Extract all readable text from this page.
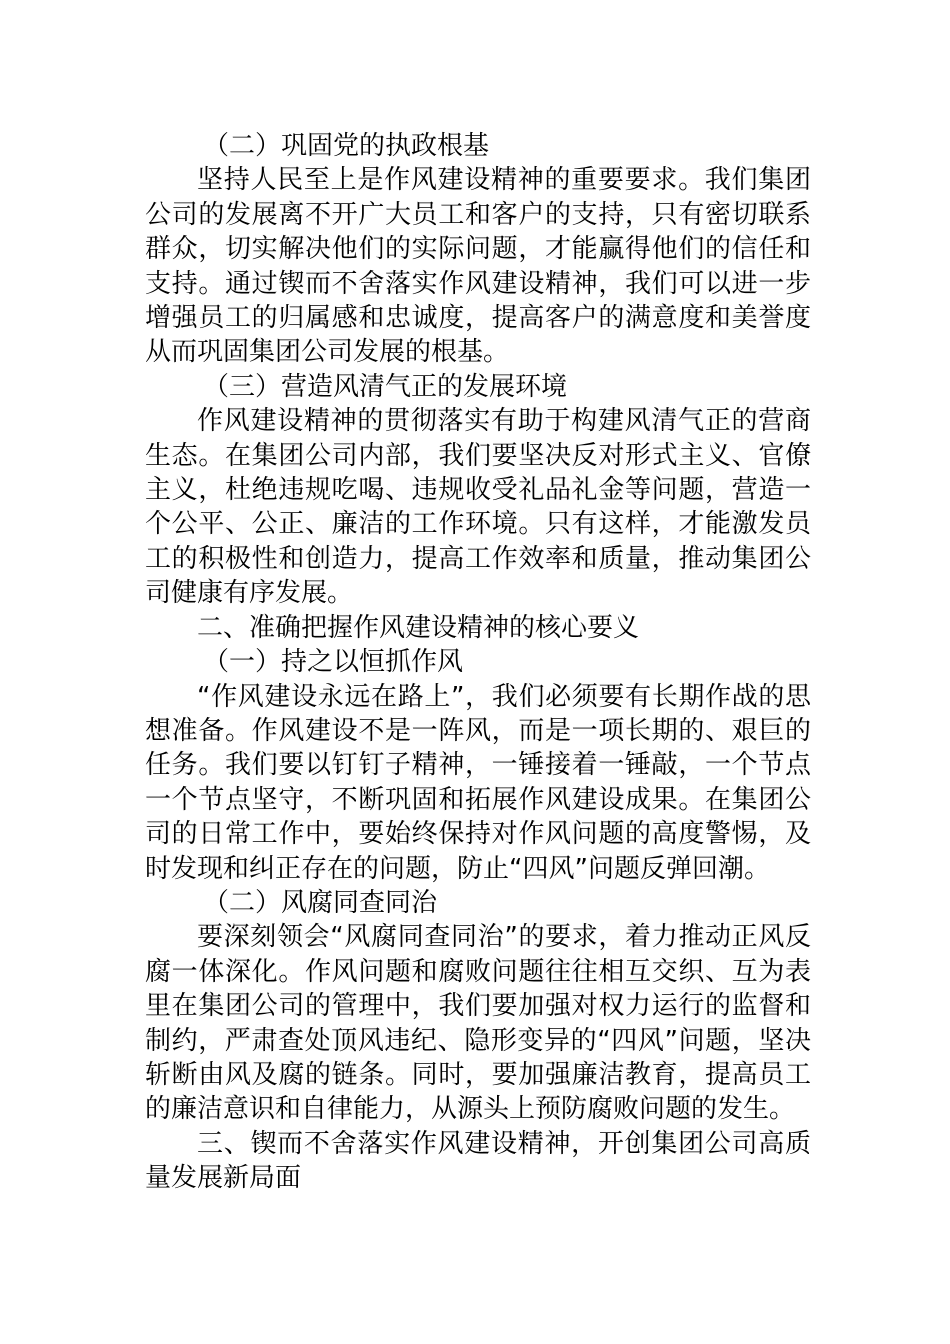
（二）巩固党的执政根基

坚持人民至上是作风建设精神的重要要求。我们集团公司的发展离不开广大员工和客户的支持，只有密切联系群众，切实解决他们的实际问题，才能赢得他们的信任和支持。通过锲而不舍落实作风建设精神，我们可以进一步增强员工的归属感和忠诚度，提高客户的满意度和美誉度从而巩固集团公司发展的根基。

（三）营造风清气正的发展环境

作风建设精神的贯彻落实有助于构建风清气正的营商生态。在集团公司内部，我们要坚决反对形式主义、官僚主义，杜绝违规吃喝、违规收受礼品礼金等问题，营造一个公平、公正、廉洁的工作环境。只有这样，才能激发员工的积极性和创造力，提高工作效率和质量，推动集团公司健康有序发展。

二、准确把握作风建设精神的核心要义

（一）持之以恒抓作风

“作风建设永远在路上”，我们必须要有长期作战的思想准备。作风建设不是一阵风，而是一项长期的、艰巨的任务。我们要以钉钉子精神，一锤接着一锤敲，一个节点一个节点坚守，不断巩固和拓展作风建设成果。在集团公司的日常工作中，要始终保持对作风问题的高度警惕，及时发现和纠正存在的问题，防止“四风”问题反弹回潮。

（二）风腐同查同治

要深刻领会“风腐同查同治”的要求，着力推动正风反腐一体深化。作风问题和腐败问题往往相互交织、互为表里在集团公司的管理中，我们要加强对权力运行的监督和制约，严肃查处顶风违纪、隐形变异的“四风”问题，坚决斩断由风及腐的链条。同时，要加强廉洁教育，提高员工的廉洁意识和自律能力，从源头上预防腐败问题的发生。

三、锲而不舍落实作风建设精神，开创集团公司高质量发展新局面
